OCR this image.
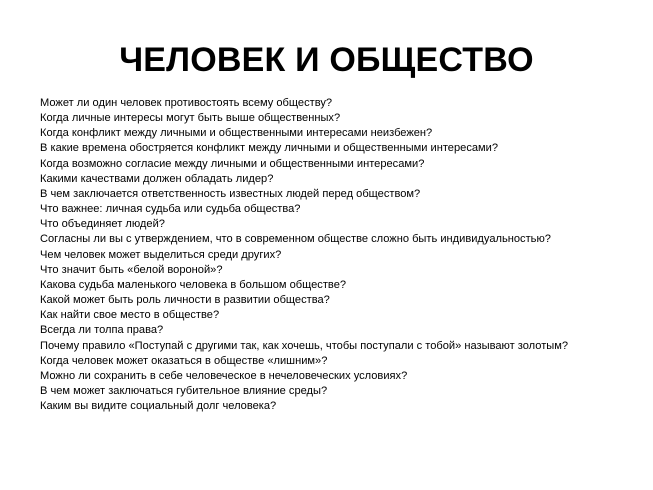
ЧЕЛОВЕК И ОБЩЕСТВО
Может ли один человек противостоять всему обществу?
Когда личные интересы могут быть выше общественных?
Когда конфликт между личными и общественными интересами неизбежен?
В какие времена обостряется конфликт между личными и общественными интересами?
Когда возможно согласие между личными и общественными интересами?
Какими качествами должен обладать лидер?
В чем заключается ответственность известных людей перед обществом?
Что важнее: личная судьба или судьба общества?
Что объединяет людей?
Согласны ли вы с утверждением, что в современном обществе сложно быть индивидуальностью?
Чем человек может выделиться среди других?
Что значит быть «белой вороной»?
Какова судьба маленького человека в большом обществе?
Какой может быть роль личности в развитии общества?
Как найти свое место в обществе?
Всегда ли толпа права?
Почему правило «Поступай с другими так, как хочешь, чтобы поступали с тобой» называют золотым?
Когда человек может оказаться в обществе «лишним»?
Можно ли сохранить в себе человеческое в нечеловеческих условиях?
В чем может заключаться губительное влияние среды?
Каким вы видите социальный долг человека?
